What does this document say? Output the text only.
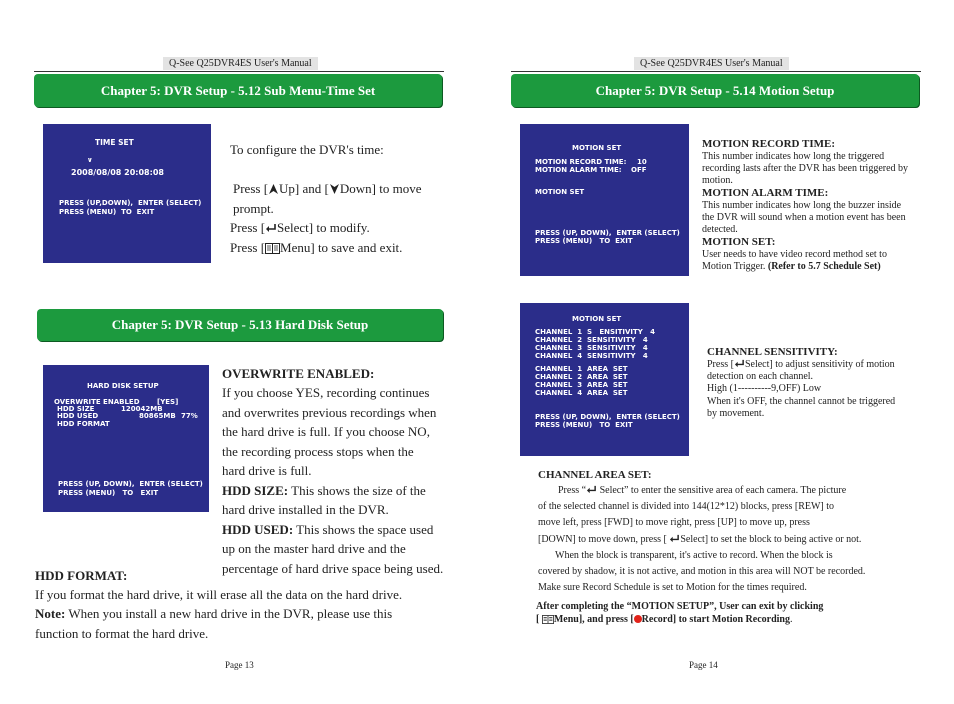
Q-See Q25DVR4ES User's Manual
Chapter 5: DVR Setup - 5.12 Sub Menu-Time Set
TIME SET
∨
2008/08/08 20:08:08
PRESS (UP,DOWN),  ENTER (SELECT)
PRESS (MENU)  TO  EXIT
To configure the DVR's time:
Press [ Up] and [ Down] to move
prompt.
Press [ Select] to modify.
Press [ Menu] to save and exit.
Chapter 5: DVR Setup - 5.13 Hard Disk Setup
HARD DISK SETUP
OVERWRITE ENABLED [YES]
HDD SIZE	120042MB
HDD USED	80865MB 77%
HDD FORMAT
PRESS (UP, DOWN),  ENTER (SELECT)
PRESS (MENU)   TO   EXIT
OVERWRITE ENABLED:
If you choose YES, recording continues
and overwrites previous recordings when
the hard drive is full. If you choose NO,
the recording process stops when the
hard drive is full.
HDD SIZE: This shows the size of the
hard drive installed in the DVR.
HDD USED: This shows the space used
up on the master hard drive and the
percentage of hard drive space being used.
HDD FORMAT:
If you format the hard drive, it will erase all the data on the hard drive.
Note: When you install a new hard drive in the DVR, please use this
function to format the hard drive.
Page 13
Q-See Q25DVR4ES User's Manual
Chapter 5: DVR Setup - 5.14 Motion Setup
MOTION SET
MOTION RECORD TIME: 10
MOTION ALARM TIME: OFF
MOTION SET
PRESS (UP, DOWN),  ENTER (SELECT)
PRESS (MENU)   TO  EXIT
MOTION RECORD TIME:
This number indicates how long the triggered
recording lasts after the DVR has been triggered by
motion.
MOTION ALARM TIME:
This number indicates how long the buzzer inside
the DVR will sound when a motion event has been
detected.
MOTION SET:
User needs to have video record method set to
Motion Trigger. (Refer to 5.7 Schedule Set)
MOTION SET
CHANNEL  1  S   ENSITIVITY   4
CHANNEL  2  SENSITIVITY   4
CHANNEL  3  SENSITIVITY   4
CHANNEL  4  SENSITIVITY   4
CHANNEL  1  AREA  SET
CHANNEL  2  AREA  SET
CHANNEL  3  AREA  SET
CHANNEL  4  AREA  SET
PRESS (UP, DOWN),  ENTER (SELECT)
PRESS (MENU)   TO  EXIT
CHANNEL SENSITIVITY:
Press [ Select] to adjust sensitivity of motion
detection on each channel.
High (1----------9,OFF) Low
When it's OFF, the channel cannot be triggered
by movement.
CHANNEL AREA SET:
Press “ Select” to enter the sensitive area of each camera. The picture
of the selected channel is divided into 144(12*12) blocks, press [REW] to
move left, press [FWD] to move right, press [UP] to move up, press
[DOWN] to move down, press [ Select] to set the block to being active or not.
When the block is transparent, it's active to record. When the block is
covered by shadow, it is not active, and motion in this area will NOT be recorded.
Make sure Record Schedule is set to Motion for the times required.
After completing the “MOTION SETUP”, User can exit by clicking
[ Menu], and press [ Record] to start Motion Recording.
Page 14
